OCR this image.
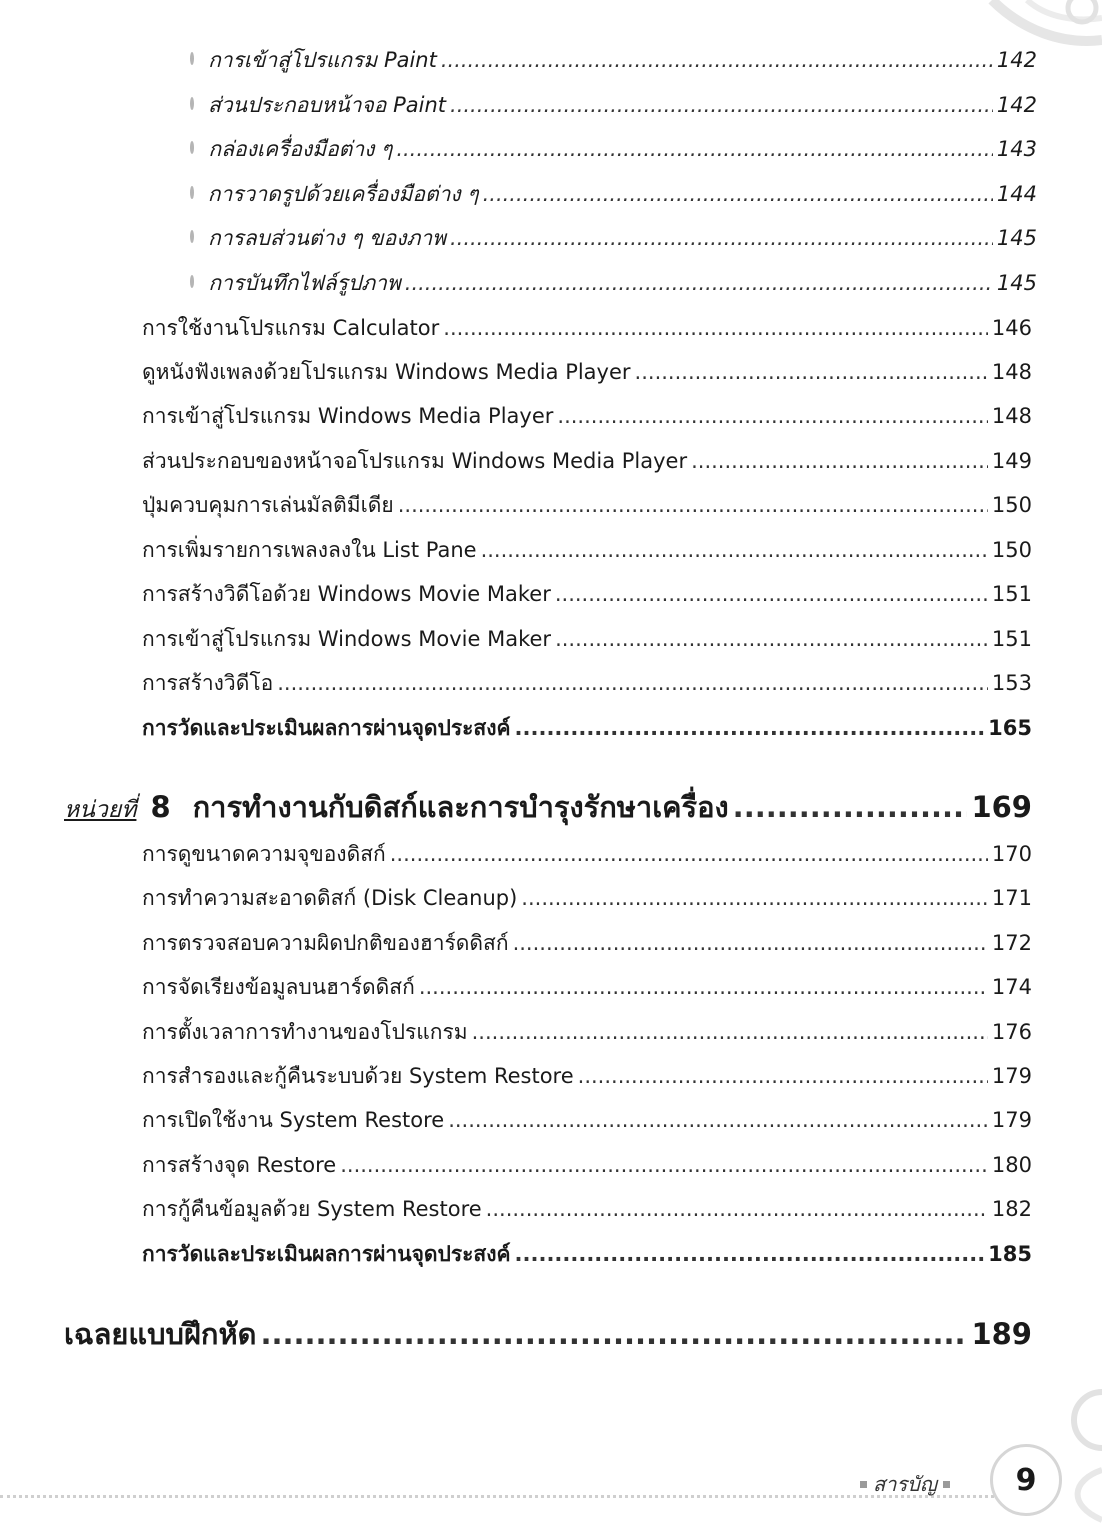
การเข้าสู่โปรแกรม Paint .....	142
ส่วนประกอบหน้าจอ Paint .....	142
กล่องเครื่องมือต่าง ๆ .....	143
การวาดรูปด้วยเครื่องมือต่าง ๆ .....	144
การลบส่วนต่าง ๆ ของภาพ .....	145
การบันทึกไฟล์รูปภาพ .....	145
การใช้งานโปรแกรม Calculator .....	146
ดูหนังฟังเพลงด้วยโปรแกรม Windows Media Player .....	148
การเข้าสู่โปรแกรม Windows Media Player .....	148
ส่วนประกอบของหน้าจอโปรแกรม Windows Media Player .....	149
ปุ่มควบคุมการเล่นมัลติมีเดีย .....	150
การเพิ่มรายการเพลงลงใน List Pane .....	150
การสร้างวิดีโอด้วย Windows Movie Maker .....	151
การเข้าสู่โปรแกรม Windows Movie Maker .....	151
การสร้างวิดีโอ .....	153
การวัดและประเมินผลการผ่านจุดประสงค์ .....	165
หน่วยที่ 8 การทำงานกับดิสก์และการบำรุงรักษาเครื่อง .....	169
การดูขนาดความจุของดิสก์ .....	170
การทำความสะอาดดิสก์ (Disk Cleanup) .....	171
การตรวจสอบความผิดปกติของฮาร์ดดิสก์ .....	172
การจัดเรียงข้อมูลบนฮาร์ดดิสก์ .....	174
การตั้งเวลาการทำงานของโปรแกรม .....	176
การสำรองและกู้คืนระบบด้วย System Restore .....	179
การเปิดใช้งาน System Restore .....	179
การสร้างจุด Restore .....	180
การกู้คืนข้อมูลด้วย System Restore .....	182
การวัดและประเมินผลการผ่านจุดประสงค์ .....	185
เฉลยแบบฝึกหัด .....	189
สารบัญ	9
